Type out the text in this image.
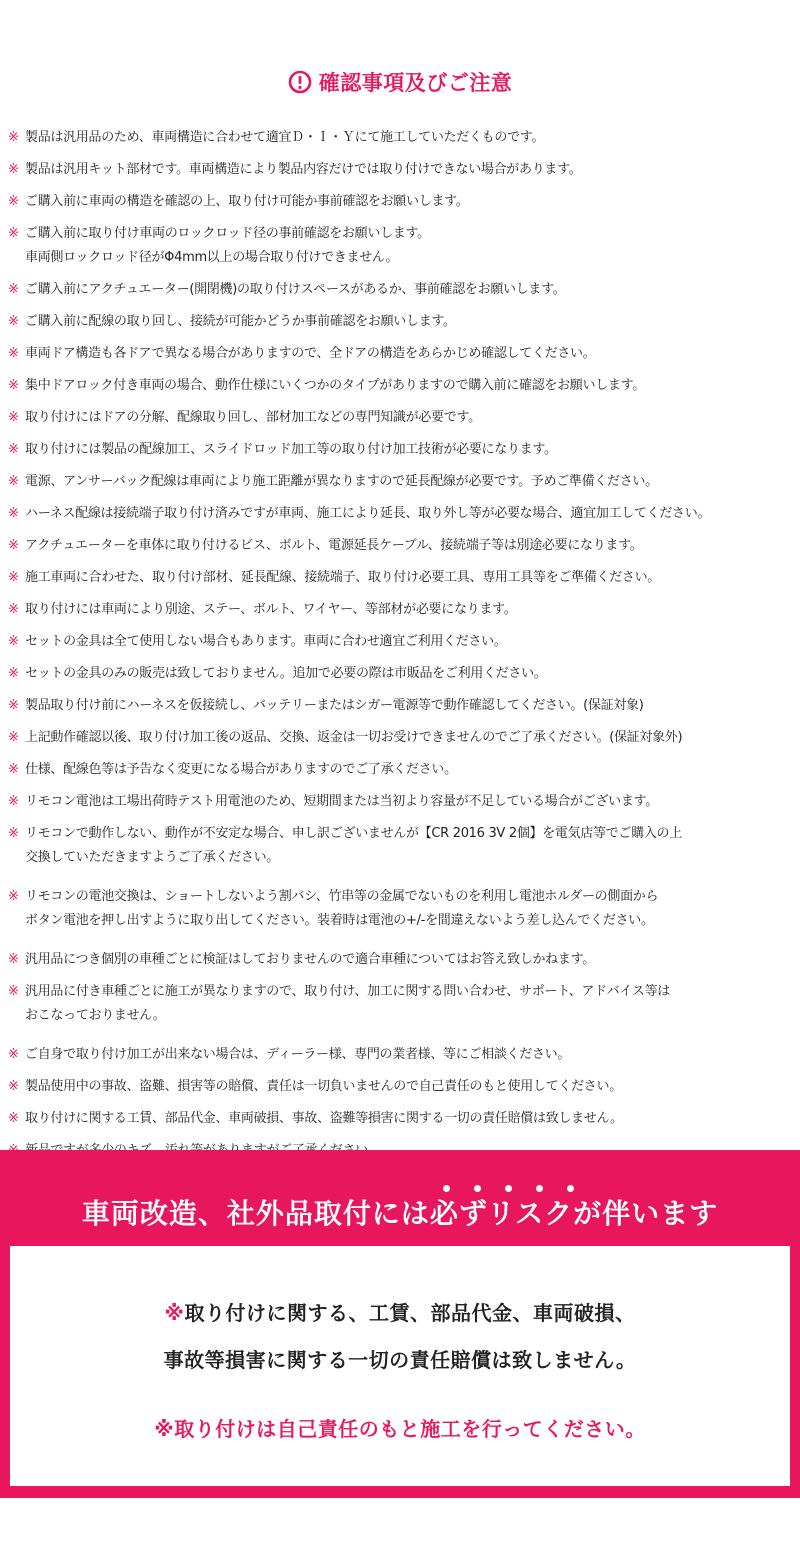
確認事項及びご注意
※ 製品は汎用品のため、車両構造に合わせて適宜Ｄ・Ｉ・Ｙにて施工していただくものです。
※ 製品は汎用キット部材です。車両構造により製品内容だけでは取り付けできない場合があります。
※ ご購入前に車両の構造を確認の上、取り付け可能か事前確認をお願いします。
※ ご購入前に取り付け車両のロックロッド径の事前確認をお願いします。
車両側ロックロッド径がΦ4mm以上の場合取り付けできません。
※ ご購入前にアクチュエーター(開閉機)の取り付けスペースがあるか、事前確認をお願いします。
※ ご購入前に配線の取り回し、接続が可能かどうか事前確認をお願いします。
※ 車両ドア構造も各ドアで異なる場合がありますので、全ドアの構造をあらかじめ確認してください。
※ 集中ドアロック付き車両の場合、動作仕様にいくつかのタイプがありますので購入前に確認をお願いします。
※ 取り付けにはドアの分解、配線取り回し、部材加工などの専門知識が必要です。
※ 取り付けには製品の配線加工、スライドロッド加工等の取り付け加工技術が必要になります。
※ 電源、アンサーバック配線は車両により施工距離が異なりますので延長配線が必要です。予めご準備ください。
※ ハーネス配線は接続端子取り付け済みですが車両、施工により延長、取り外し等が必要な場合、適宜加工してください。
※ アクチュエーターを車体に取り付けるビス、ボルト、電源延長ケーブル、接続端子等は別途必要になります。
※ 施工車両に合わせた、取り付け部材、延長配線、接続端子、取り付け必要工具、専用工具等をご準備ください。
※ 取り付けには車両により別途、ステー、ボルト、ワイヤー、等部材が必要になります。
※ セットの金具は全て使用しない場合もあります。車両に合わせ適宜ご利用ください。
※ セットの金具のみの販売は致しておりません。追加で必要の際は市販品をご利用ください。
※ 製品取り付け前にハーネスを仮接続し、バッテリーまたはシガー電源等で動作確認してください。(保証対象)
※ 上記動作確認以後、取り付け加工後の返品、交換、返金は一切お受けできませんのでご了承ください。(保証対象外)
※ 仕様、配線色等は予告なく変更になる場合がありますのでご了承ください。
※ リモコン電池は工場出荷時テスト用電池のため、短期間または当初より容量が不足している場合がございます。
※ リモコンで動作しない、動作が不安定な場合、申し訳ございませんが【CR 2016 3V 2個】を電気店等でご購入の上
交換していただきますようご了承ください。
※ リモコンの電池交換は、ショートしないよう割バシ、竹串等の金属でないものを利用し電池ホルダーの側面から
ボタン電池を押し出すように取り出してください。装着時は電池の+/-を間違えないよう差し込んでください。
※ 汎用品につき個別の車種ごとに検証はしておりませんので適合車種についてはお答え致しかねます。
※ 汎用品に付き車種ごとに施工が異なりますので、取り付け、加工に関する問い合わせ、サポート、アドバイス等は
おこなっておりません。
※ ご自身で取り付け加工が出来ない場合は、ディーラー様、専門の業者様、等にご相談ください。
※ 製品使用中の事故、盗難、損害等の賠償、責任は一切負いませんので自己責任のもと使用してください。
※ 取り付けに関する工賃、部品代金、車両破損、事故、盗難等損害に関する一切の責任賠償は致しません。
車両改造、社外品取付には必ずリスクが伴います
※取り付けに関する、工賃、部品代金、車両破損、
事故等損害に関する一切の責任賠償は致しません。
※取り付けは自己責任のもと施工を行ってください。
